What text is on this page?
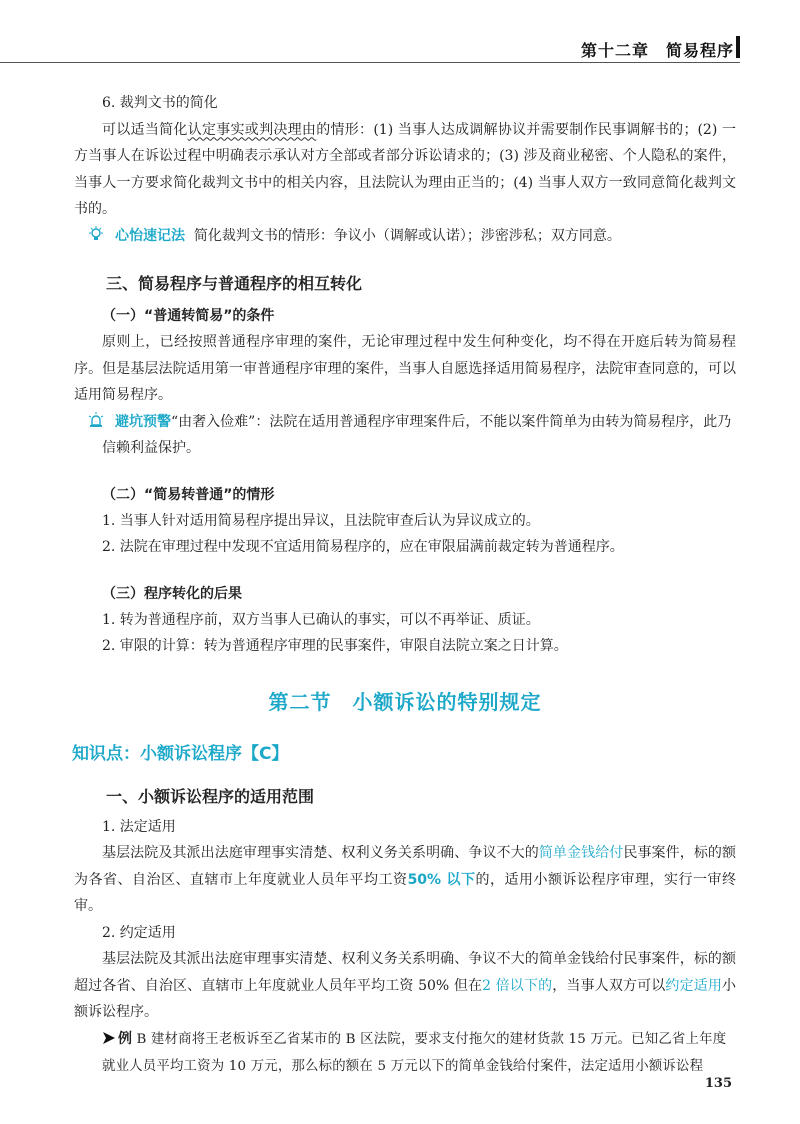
第十二章　 简易程序

6. 裁判文书的简化

可以适当简化认定事实或判决理由的情形：(1) 当事人达成调解协议并需要制作民事调解书的；(2) 一方当事人在诉讼过程中明确表示承认对方全部或者部分诉讼请求的；(3) 涉及商业秘密、个人隐私的案件，当事人一方要求简化裁判文书中的相关内容，且法院认为理由正当的；(4) 当事人双方一致同意简化裁判文书的。

心怡速记法 简化裁判文书的情形：争议小（调解或认诺）；涉密涉私；双方同意。

三、简易程序与普通程序的相互转化

（一）“普通转简易”的条件

原则上，已经按照普通程序审理的案件，无论审理过程中发生何种变化，均不得在开庭后转为简易程序。但是基层法院适用第一审普通程序审理的案件，当事人自愿选择适用简易程序，法院审查同意的，可以适用简易程序。

避坑预警“由奢入俭难”：法院在适用普通程序审理案件后，不能以案件简单为由转为简易程序，此乃信赖利益保护。

（二）“简易转普通”的情形

1. 当事人针对适用简易程序提出异议，且法院审查后认为异议成立的。

2. 法院在审理过程中发现不宜适用简易程序的，应在审限届满前裁定转为普通程序。

（三）程序转化的后果

1. 转为普通程序前，双方当事人已确认的事实，可以不再举证、质证。

2. 审限的计算：转为普通程序审理的民事案件，审限自法院立案之日计算。

第二节　小额诉讼的特别规定

知识点：小额诉讼程序【C】

一、小额诉讼程序的适用范围

1. 法定适用

基层法院及其派出法庭审理事实清楚、权利义务关系明确、争议不大的简单金钱给付民事案件，标的额为各省、自治区、直辖市上年度就业人员年平均工资50% 以下的，适用小额诉讼程序审理，实行一审终审。

2. 约定适用

基层法院及其派出法庭审理事实清楚、权利义务关系明确、争议不大的简单金钱给付民事案件，标的额超过各省、自治区、直辖市上年度就业人员年平均工资 50% 但在2 倍以下的，当事人双方可以约定适用小额诉讼程序。

例 B 建材商将王老板诉至乙省某市的 B 区法院，要求支付拖欠的建材货款 15 万元。已知乙省上年度就业人员平均工资为 10 万元，那么标的额在 5 万元以下的简单金钱给付案件，法定适用小额诉讼程

135
